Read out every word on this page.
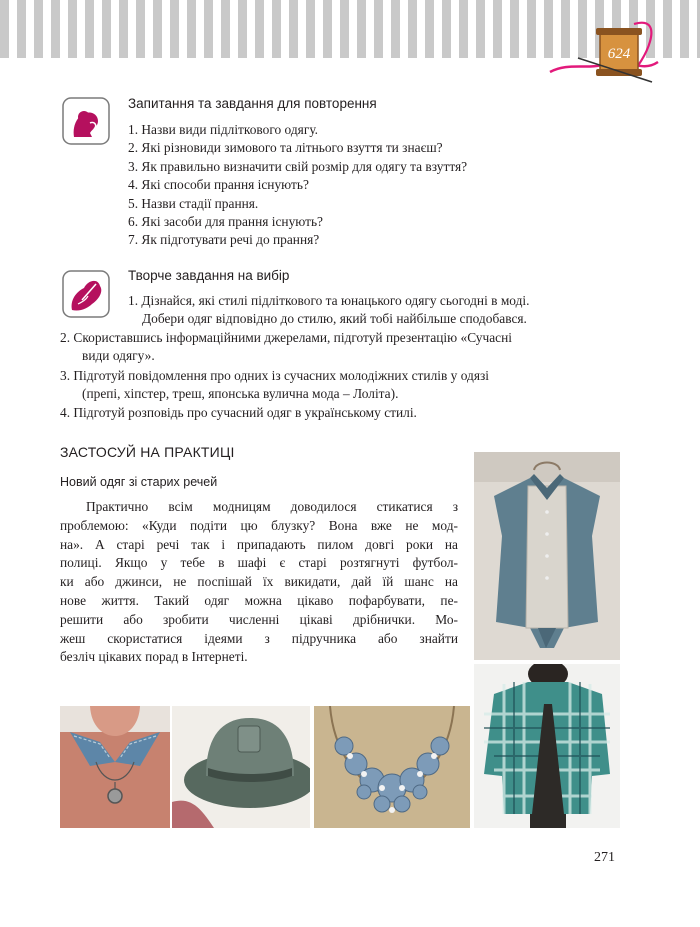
624
Запитання та завдання для повторення
1. Назви види підліткового одягу.
2. Які різновиди зимового та літнього взуття ти знаєш?
3. Як правильно визначити свій розмір для одягу та взуття?
4. Які способи прання існують?
5. Назви стадії прання.
6. Які засоби для прання існують?
7. Як підготувати речі до прання?
Творче завдання на вибір
1. Дізнайся, які стилі підліткового та юнацького одягу сьогодні в моді.
Добери одяг відповідно до стилю, який тобі найбільше сподобався.
2. Скориставшись інформаційними джерелами, підготуй презентацію «Сучасні
види одягу».
3. Підготуй повідомлення про одних із сучасних молодіжних стилів у одязі
(препі, хіпстер, треш, японська вулична мода – Лоліта).
4. Підготуй розповідь про сучасний одяг в українському стилі.
ЗАСТОСУЙ НА ПРАКТИЦІ
Новий одяг зі старих речей
Практично всім модницям доводилося стикатися з
проблемою: «Куди подіти цю блузку? Вона вже не мод-
на». А старі речі так і припадають пилом довгі роки на
полиці. Якщо у тебе в шафі є старі розтягнуті футбол-
ки або джинси, не поспішай їх викидати, дай їй шанс на
нове життя. Такий одяг можна цікаво пофарбувати, пе-
решити або зробити численні цікаві дрібнички. Мо-
жеш скористатися ідеями з підручника або знайти
безліч цікавих порад в Інтернеті.
271
